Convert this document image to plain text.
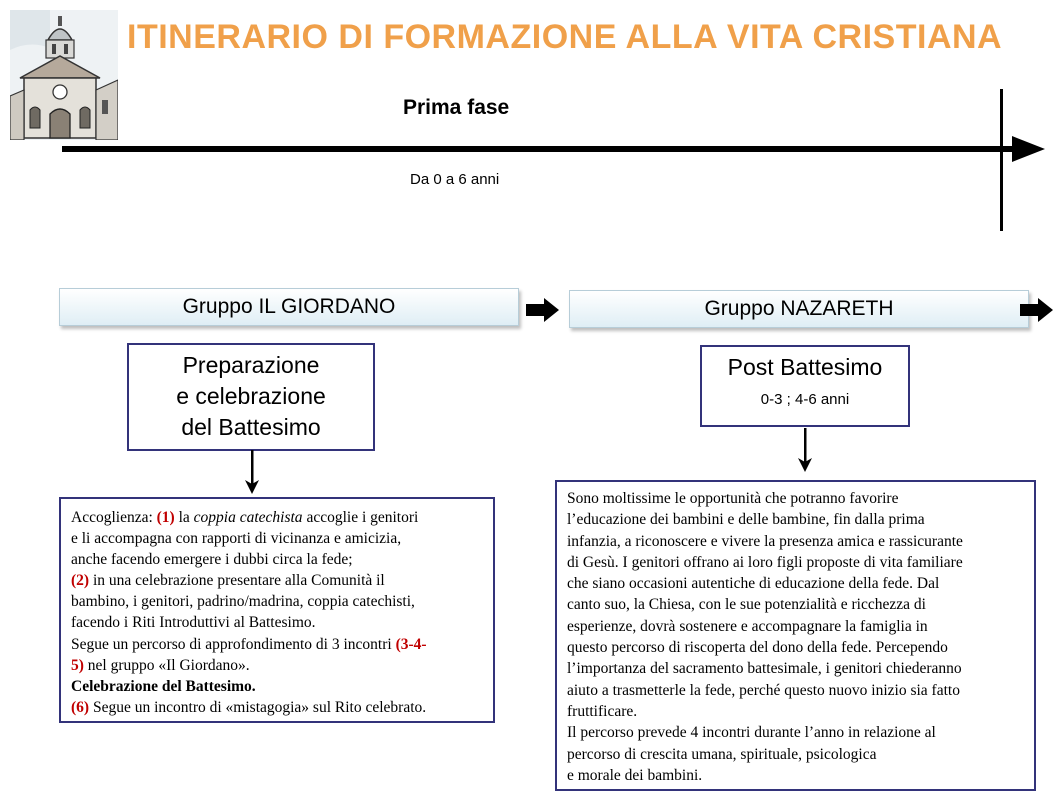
ITINERARIO DI FORMAZIONE ALLA VITA CRISTIANA
Prima fase
Da 0 a 6 anni
Gruppo IL GIORDANO	Gruppo NAZARETH
Preparazione
e celebrazione
del Battesimo
Post Battesimo
0-3 ; 4-6 anni
Accoglienza: (1) la coppia catechista accoglie i genitori
e li accompagna con rapporti di vicinanza e amicizia,
anche facendo emergere i dubbi circa la fede;
(2) in una celebrazione presentare alla Comunità il
bambino, i genitori, padrino/madrina, coppia catechisti,
facendo i Riti Introduttivi al Battesimo.
Segue un percorso di approfondimento di 3 incontri (3-4-
5) nel gruppo «Il Giordano».
Celebrazione del Battesimo.
(6) Segue un incontro di «mistagogia» sul Rito celebrato.
Sono moltissime le opportunità che potranno favorire
l’educazione dei bambini e delle bambine, fin dalla prima
infanzia, a riconoscere e vivere la presenza amica e rassicurante
di Gesù. I genitori offrano ai loro figli proposte di vita familiare
che siano occasioni autentiche di educazione della fede. Dal
canto suo, la Chiesa, con le sue potenzialità e ricchezza di
esperienze, dovrà sostenere e accompagnare la famiglia in
questo percorso di riscoperta del dono della fede. Percependo
l’importanza del sacramento battesimale, i genitori chiederanno
aiuto a trasmetterle la fede, perché questo nuovo inizio sia fatto
fruttificare.
Il percorso prevede 4 incontri durante l’anno in relazione al
percorso di crescita umana, spirituale, psicologica
e morale dei bambini.
